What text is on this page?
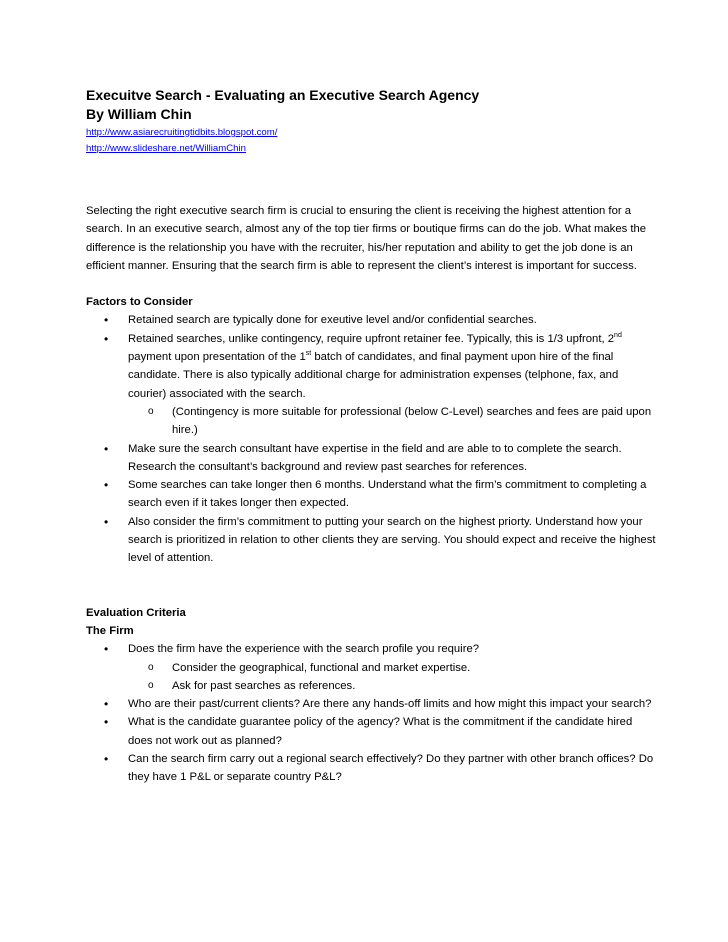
Execuitve Search - Evaluating an Executive Search Agency
By William Chin
http://www.asiarecruitingtidbits.blogspot.com/
http://www.slideshare.net/WilliamChin

Selecting the right executive search firm is crucial to ensuring the client is receiving the highest attention for a search. In an executive search, almost any of the top tier firms or boutique firms can do the job. What makes the difference is the relationship you have with the recruiter, his/her reputation and ability to get the job done is an efficient manner. Ensuring that the search firm is able to represent the client’s interest is important for success.

Factors to Consider

• Retained search are typically done for exeutive level and/or confidential searches.
• Retained searches, unlike contingency, require upfront retainer fee. Typically, this is 1/3 upfront, 2nd payment upon presentation of the 1st batch of candidates, and final payment upon hire of the final candidate. There is also typically additional charge for administration expenses (telphone, fax, and courier) associated with the search.
o (Contingency is more suitable for professional (below C-Level) searches and fees are paid upon hire.)
• Make sure the search consultant have expertise in the field and are able to to complete the search. Research the consultant’s background and review past searches for references.
• Some searches can take longer then 6 months. Understand what the firm’s commitment to completing a search even if it takes longer then expected.
• Also consider the firm’s commitment to putting your search on the highest priorty. Understand how your search is prioritized in relation to other clients they are serving. You should expect and receive the highest level of attention.

Evaluation Criteria

The Firm

• Does the firm have the experience with the search profile you require?
o Consider the geographical, functional and market expertise.
o Ask for past searches as references.
• Who are their past/current clients? Are there any hands-off limits and how might this impact your search?
• What is the candidate guarantee policy of the agency? What is the commitment if the candidate hired does not work out as planned?
• Can the search firm carry out a regional search effectively? Do they partner with other branch offices? Do they have 1 P&L or separate country P&L?
